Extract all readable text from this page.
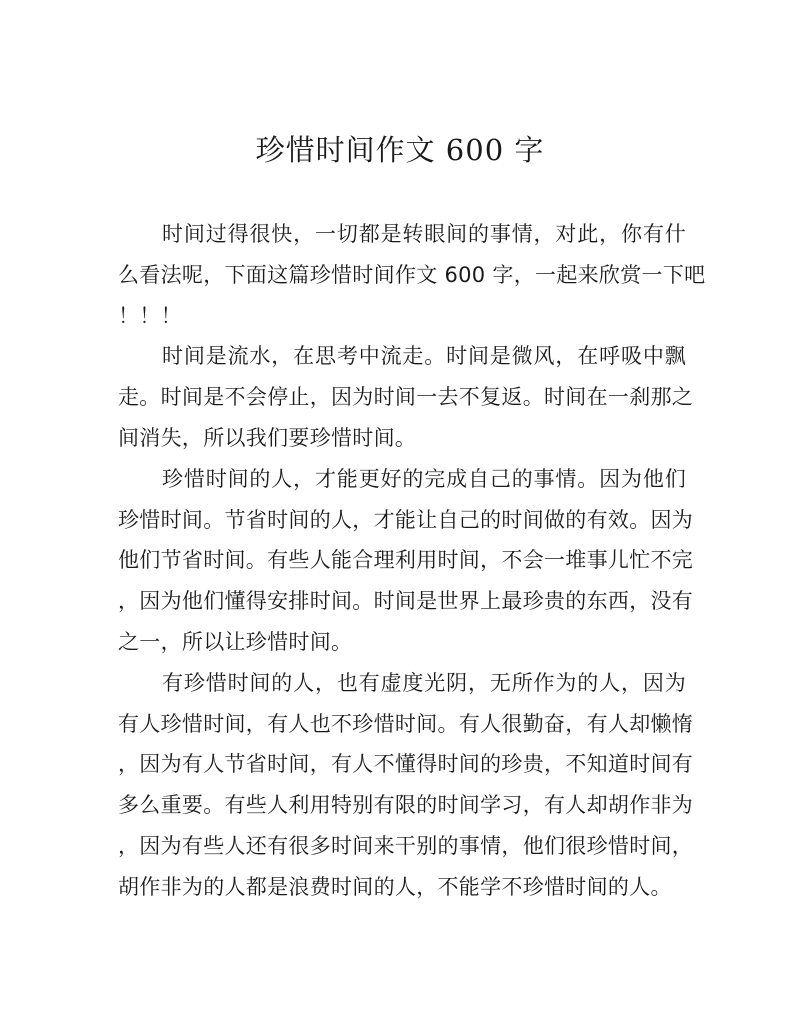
珍惜时间作文 600 字
时间过得很快，一切都是转眼间的事情，对此，你有什
么看法呢，下面这篇珍惜时间作文 600 字，一起来欣赏一下吧
！！！
时间是流水，在思考中流走。时间是微风，在呼吸中飘
走。时间是不会停止，因为时间一去不复返。时间在一刹那之
间消失，所以我们要珍惜时间。
珍惜时间的人，才能更好的完成自己的事情。因为他们
珍惜时间。节省时间的人，才能让自己的时间做的有效。因为
他们节省时间。有些人能合理利用时间，不会一堆事儿忙不完
，因为他们懂得安排时间。时间是世界上最珍贵的东西，没有
之一，所以让珍惜时间。
有珍惜时间的人，也有虚度光阴，无所作为的人，因为
有人珍惜时间，有人也不珍惜时间。有人很勤奋，有人却懒惰
，因为有人节省时间，有人不懂得时间的珍贵，不知道时间有
多么重要。有些人利用特别有限的时间学习，有人却胡作非为
，因为有些人还有很多时间来干别的事情，他们很珍惜时间，
胡作非为的人都是浪费时间的人，不能学不珍惜时间的人。
